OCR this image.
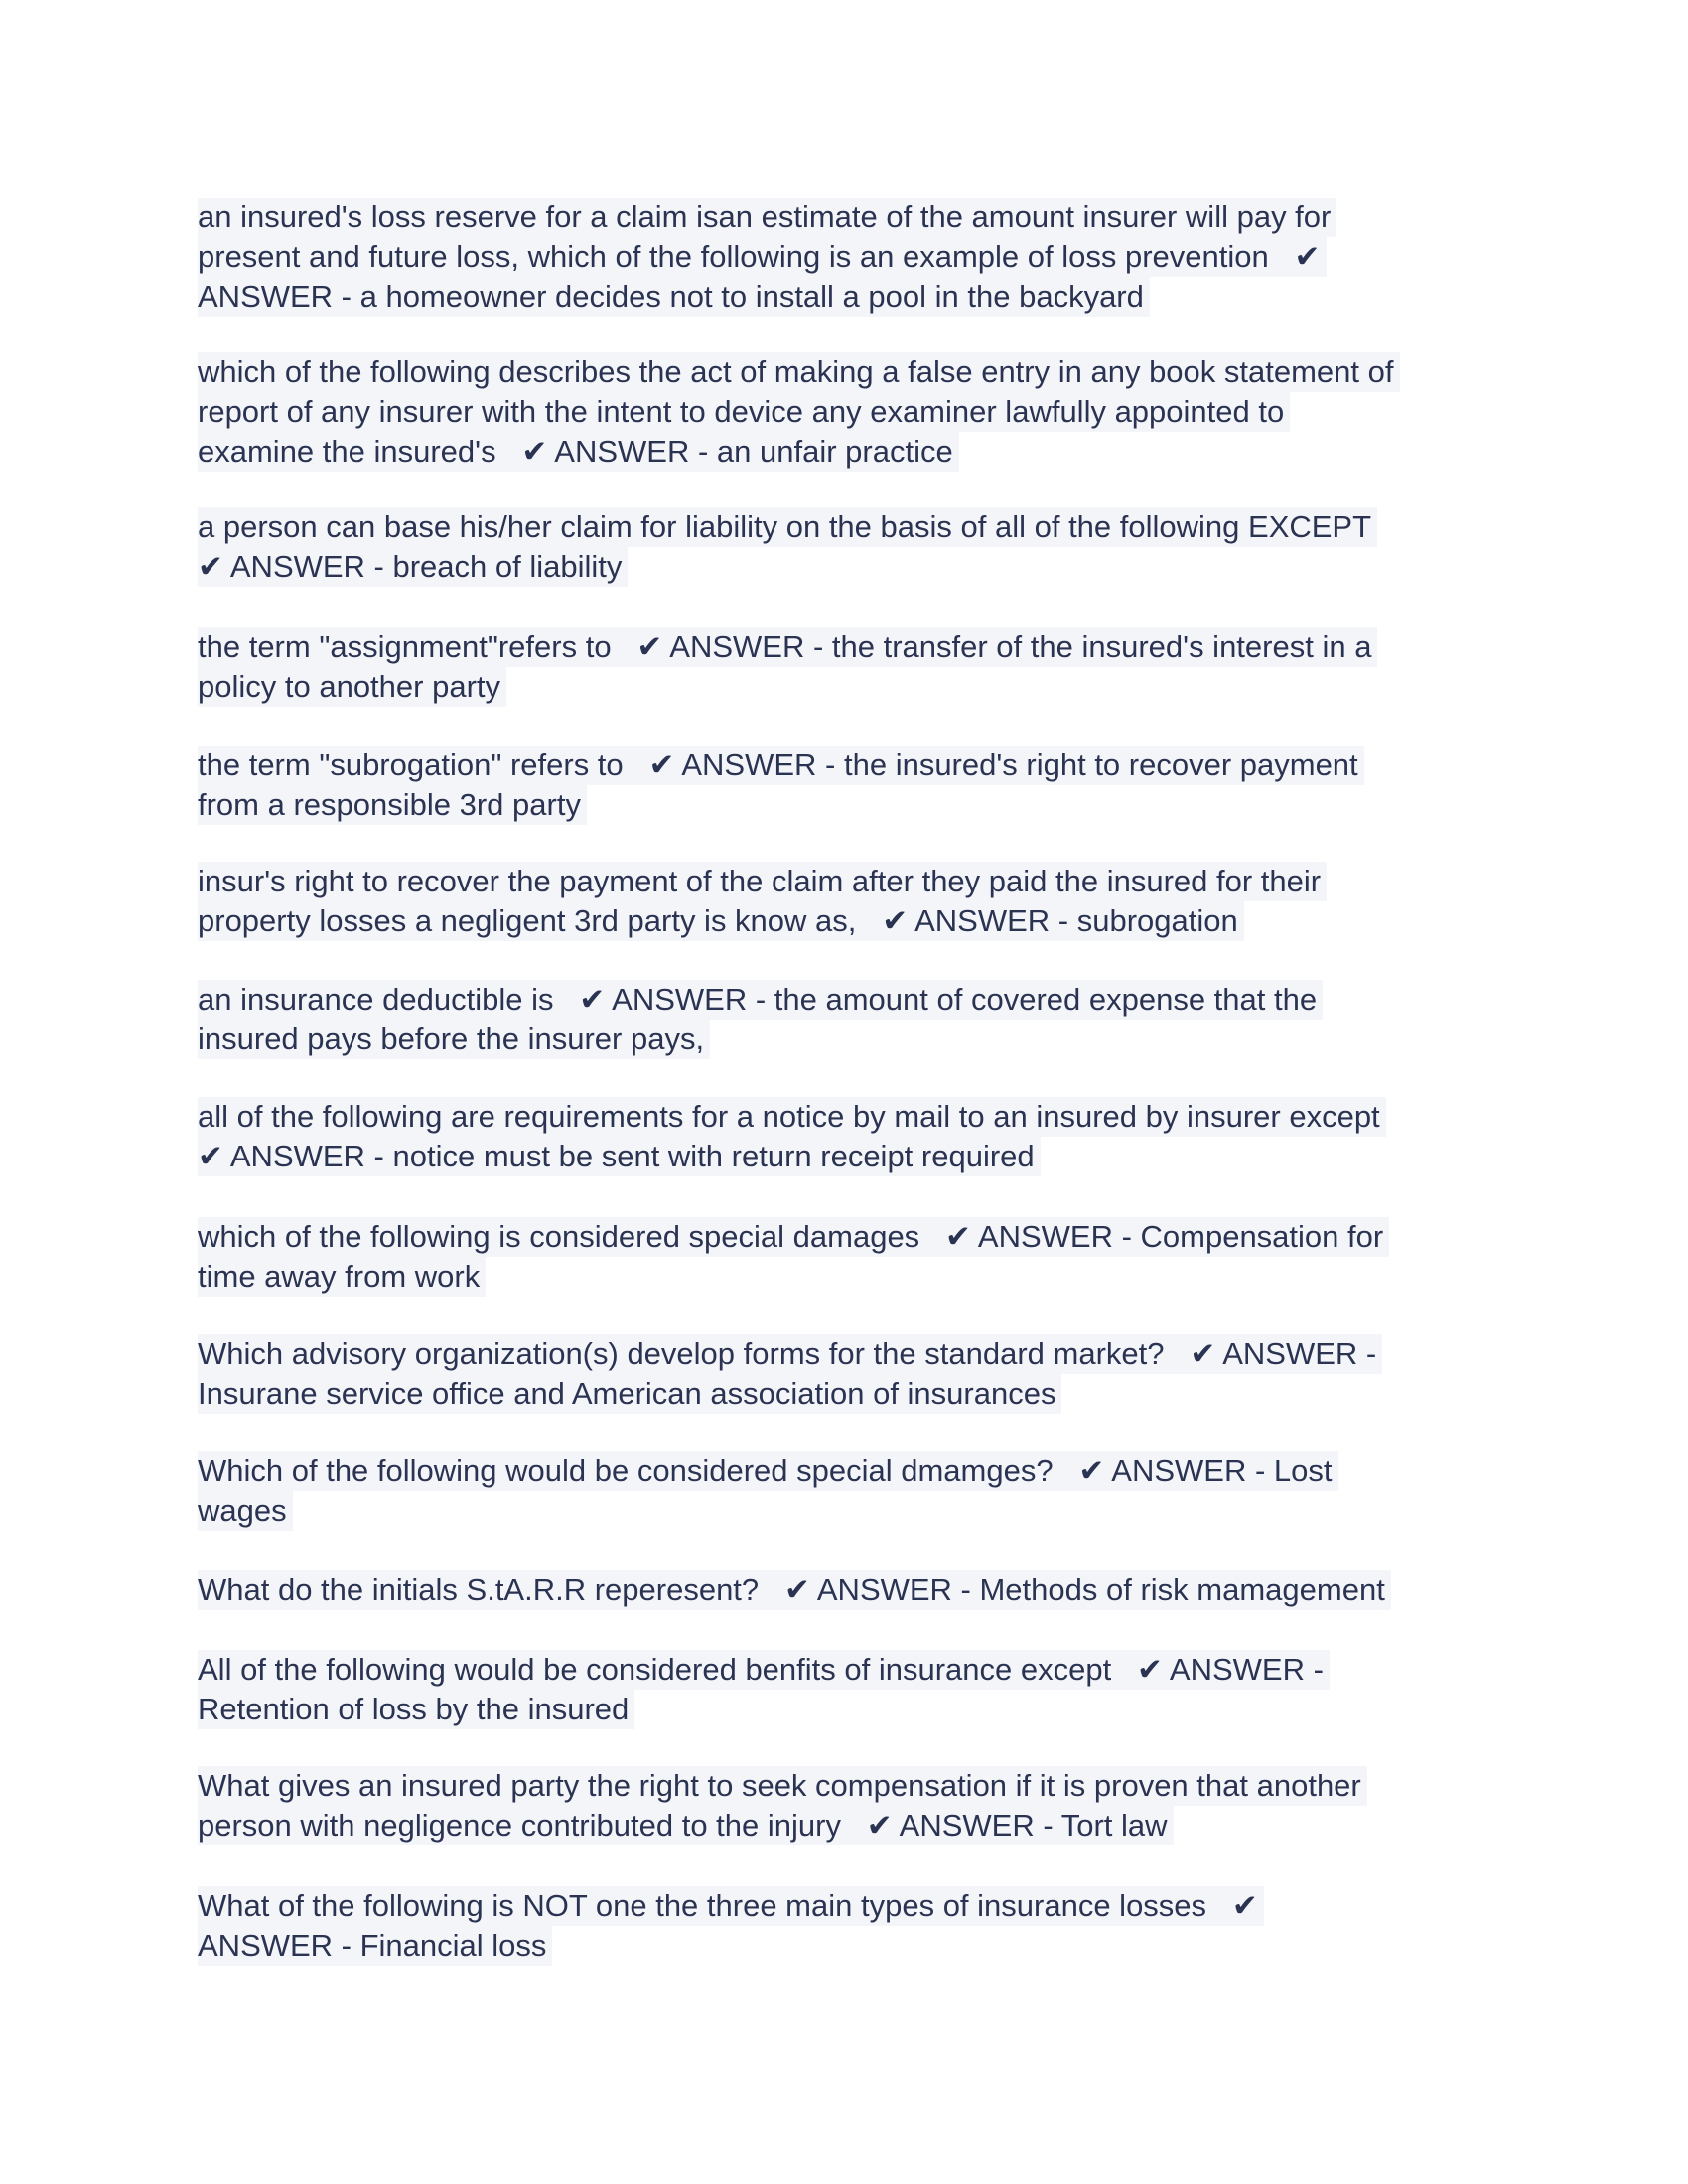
an insured's loss reserve for a claim isan estimate of the amount insurer will pay for
present and future loss, which of the following is an example of loss prevention   ✔
ANSWER - a homeowner decides not to install a pool in the backyard
which of the following describes the act of making a false entry in any book statement of
report of any insurer with the intent to device any examiner lawfully appointed to
examine the insured's   ✔ ANSWER - an unfair practice
a person can base his/her claim for liability on the basis of all of the following EXCEPT
✔ ANSWER - breach of liability
the term "assignment"refers to   ✔ ANSWER - the transfer of the insured's interest in a
policy to another party
the term "subrogation" refers to   ✔ ANSWER - the insured's right to recover payment
from a responsible 3rd party
insur's right to recover the payment of the claim after they paid the insured for their
property losses a negligent 3rd party is know as,   ✔ ANSWER - subrogation
an insurance deductible is   ✔ ANSWER - the amount of covered expense that the
insured pays before the insurer pays,
all of the following are requirements for a notice by mail to an insured by insurer except
✔ ANSWER - notice must be sent with return receipt required
which of the following is considered special damages   ✔ ANSWER - Compensation for
time away from work
Which advisory organization(s) develop forms for the standard market?   ✔ ANSWER -
Insurane service office and American association of insurances
Which of the following would be considered special dmamges?   ✔ ANSWER - Lost
wages
What do the initials S.tA.R.R reperesent?   ✔ ANSWER - Methods of risk mamagement
All of the following would be considered benfits of insurance except   ✔ ANSWER -
Retention of loss by the insured
What gives an insured party the right to seek compensation if it is proven that another
person with negligence contributed to the injury   ✔ ANSWER - Tort law
What of the following is NOT one the three main types of insurance losses   ✔
ANSWER - Financial loss
